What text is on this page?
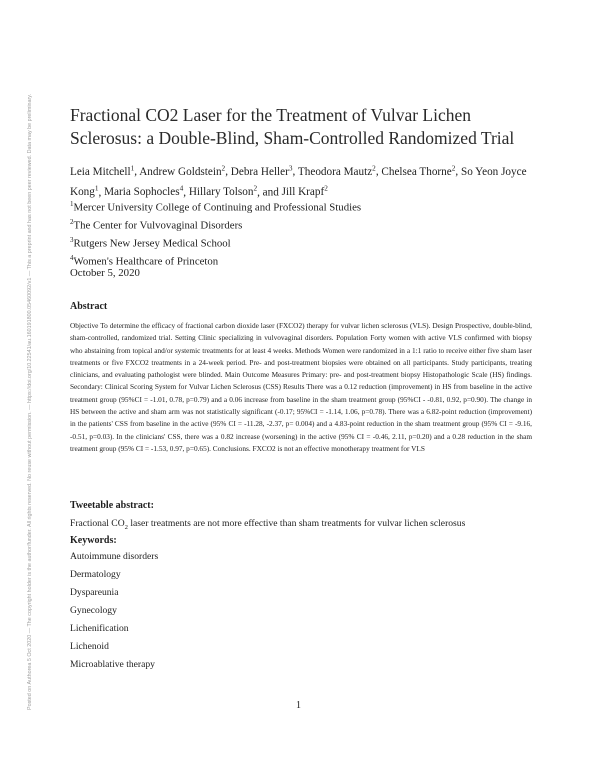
Posted on Authorea 5 Oct 2020 — The copyright holder is the author/funder. All rights reserved. No reuse without permission. — https://doi.org/10.22541/au.160191800.05460092/v1 — This a preprint and has not been peer reviewed. Data may be preliminary. Fractional CO2 Laser for the Treatment of Vulvar Lichen Sclerosus: a Double-Blind, Sham-Controlled Randomized Trial

Leia Mitchell$^1$, Andrew Goldstein$^2$, Debra Heller$^3$, Theodora Mautz$^2$, Chelsea Thorne$^2$, So Yeon Joyce Kong$^1$, Maria Sophocles$^4$, Hillary Tolson$^2$, and Jill Krapf$^2$

$^1$Mercer University College of Continuing and Professional Studies
$^2$The Center for Vulvovaginal Disorders
$^3$Rutgers New Jersey Medical School
$^4$Women's Healthcare of Princeton
October 5, 2020
Abstract

Objective To determine the efficacy of fractional carbon dioxide laser (FXCO2) therapy for vulvar lichen sclerosus (VLS). Design Prospective, double-blind, sham-controlled, randomized trial. Setting Clinic specializing in vulvovaginal disorders. Population Forty women with active VLS confirmed with biopsy who abstaining from topical and/or systemic treatments for at least 4 weeks. Methods Women were randomized in a 1:1 ratio to receive either five sham laser treatments or five FXCO2 treatments in a 24-week period. Pre- and post-treatment biopsies were obtained on all participants. Study participants, treating clinicians, and evaluating pathologist were blinded. Main Outcome Measures Primary: pre- and post-treatment biopsy Histopathologic Scale (HS) findings. Secondary: Clinical Scoring System for Vulvar Lichen Sclerosus (CSS) Results There was a 0.12 reduction (improvement) in HS from baseline in the active treatment group (95%CI = -1.01, 0.78, p=0.79) and a 0.06 increase from baseline in the sham treatment group (95%CI - -0.81, 0.92, p=0.90). The change in HS between the active and sham arm was not statistically significant (-0.17; 95%CI = -1.14, 1.06, p=0.78). There was a 6.82-point reduction (improvement) in the patients' CSS from baseline in the active (95% CI = -11.28, -2.37, p= 0.004) and a 4.83-point reduction in the sham treatment group (95% CI = -9.16, -0.51, p=0.03). In the clinicians' CSS, there was a 0.82 increase (worsening) in the active (95% CI = -0.46, 2.11, p=0.20) and a 0.28 reduction in the sham treatment group (95% CI = -1.53, 0.97, p=0.65). Conclusions. FXCO2 is not an effective monotherapy treatment for VLS

Tweetable abstract:

Fractional $CO_2$ laser treatments are not more effective than sham treatments for vulvar lichen sclerosus

Keywords:
Autoimmune disorders
Dermatology
Dyspareunia
Gynecology
Lichenification
Lichenoid
Microablative therapy
1
